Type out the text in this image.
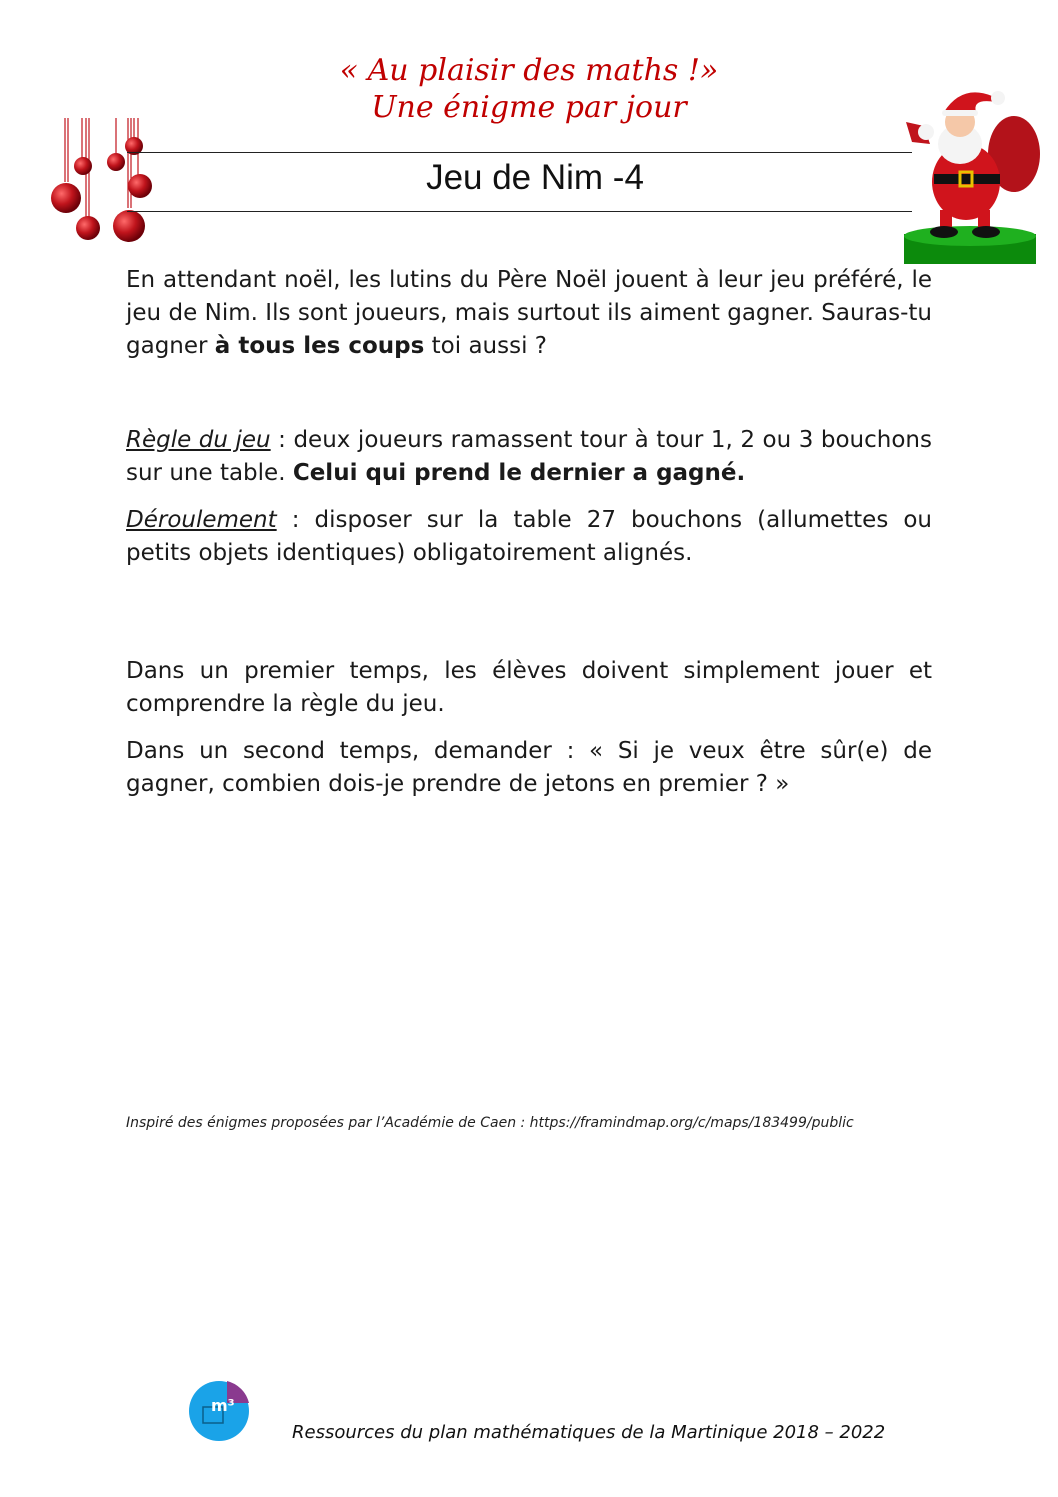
« Au plaisir des maths !»
Une énigme par jour
Jeu de Nim -4
En attendant noël, les lutins du Père Noël jouent à leur jeu préféré, le jeu de Nim. Ils sont joueurs, mais surtout ils aiment gagner. Sauras-tu gagner à tous les coups toi aussi ?
Règle du jeu : deux joueurs ramassent tour à tour 1, 2 ou 3 bouchons sur une table. Celui qui prend le dernier a gagné.
Déroulement : disposer sur la table 27 bouchons (allumettes ou petits objets identiques) obligatoirement alignés.
Dans un premier temps, les élèves doivent simplement jouer et comprendre la règle du jeu.
Dans un second temps, demander : « Si je veux être sûr(e) de gagner, combien dois-je prendre de jetons en premier ? »
Inspiré des énigmes proposées par l’Académie de Caen : https://framindmap.org/c/maps/183499/public
m³
Ressources du plan mathématiques de la Martinique 2018 – 2022
